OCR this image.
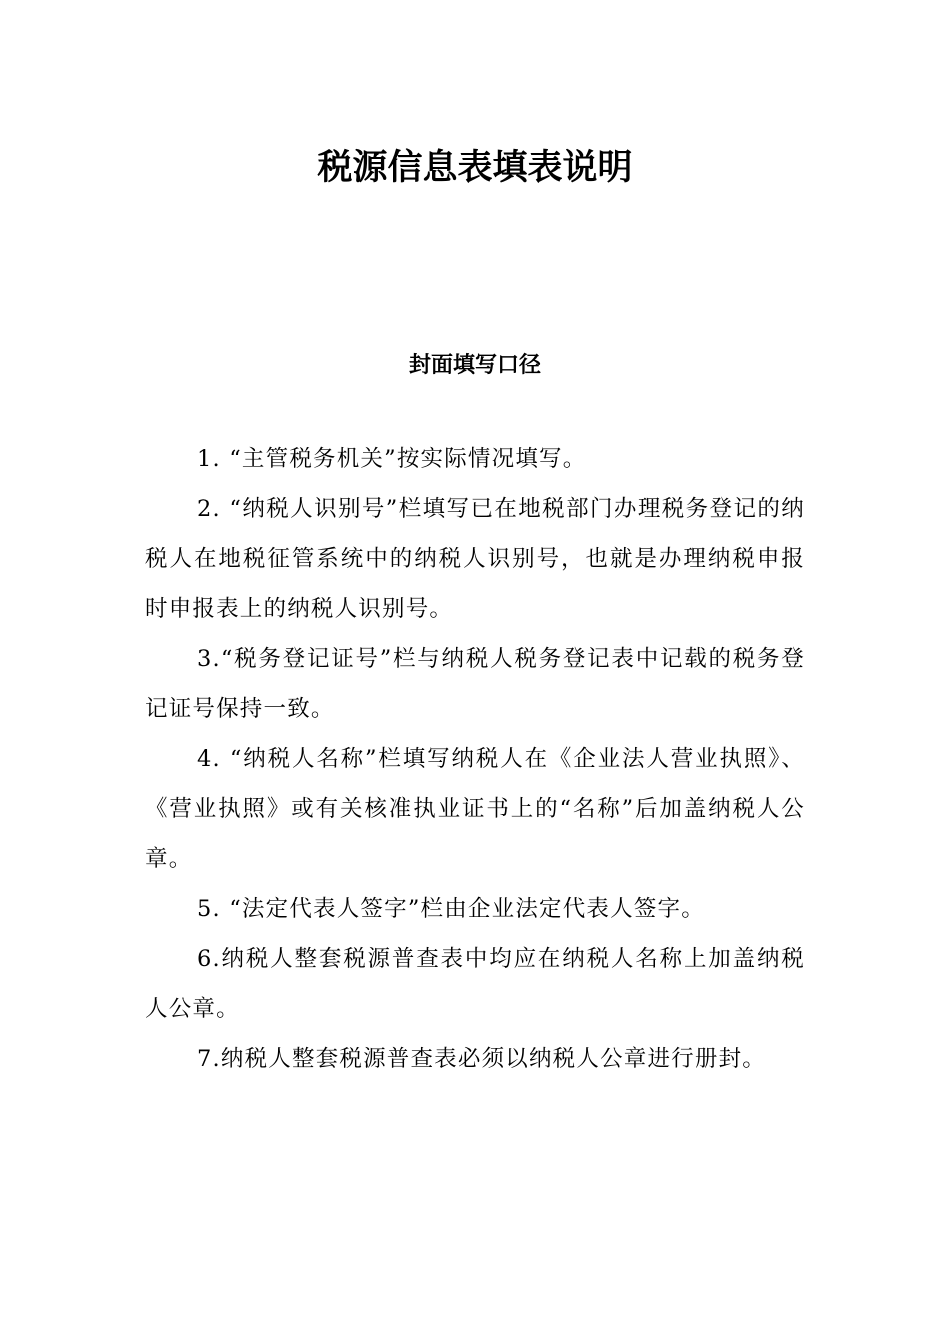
税源信息表填表说明
封面填写口径

1. “主管税务机关”按实际情况填写。

2. “纳税人识别号”栏填写已在地税部门办理税务登记的纳税人在地税征管系统中的纳税人识别号，也就是办理纳税申报时申报表上的纳税人识别号。

3.“税务登记证号”栏与纳税人税务登记表中记载的税务登记证号保持一致。

4. “纳税人名称”栏填写纳税人在《企业法人营业执照》、《营业执照》或有关核准执业证书上的“名称”后加盖纳税人公章。

5. “法定代表人签字”栏由企业法定代表人签字。

6.纳税人整套税源普查表中均应在纳税人名称上加盖纳税人公章。

7.纳税人整套税源普查表必须以纳税人公章进行册封。
